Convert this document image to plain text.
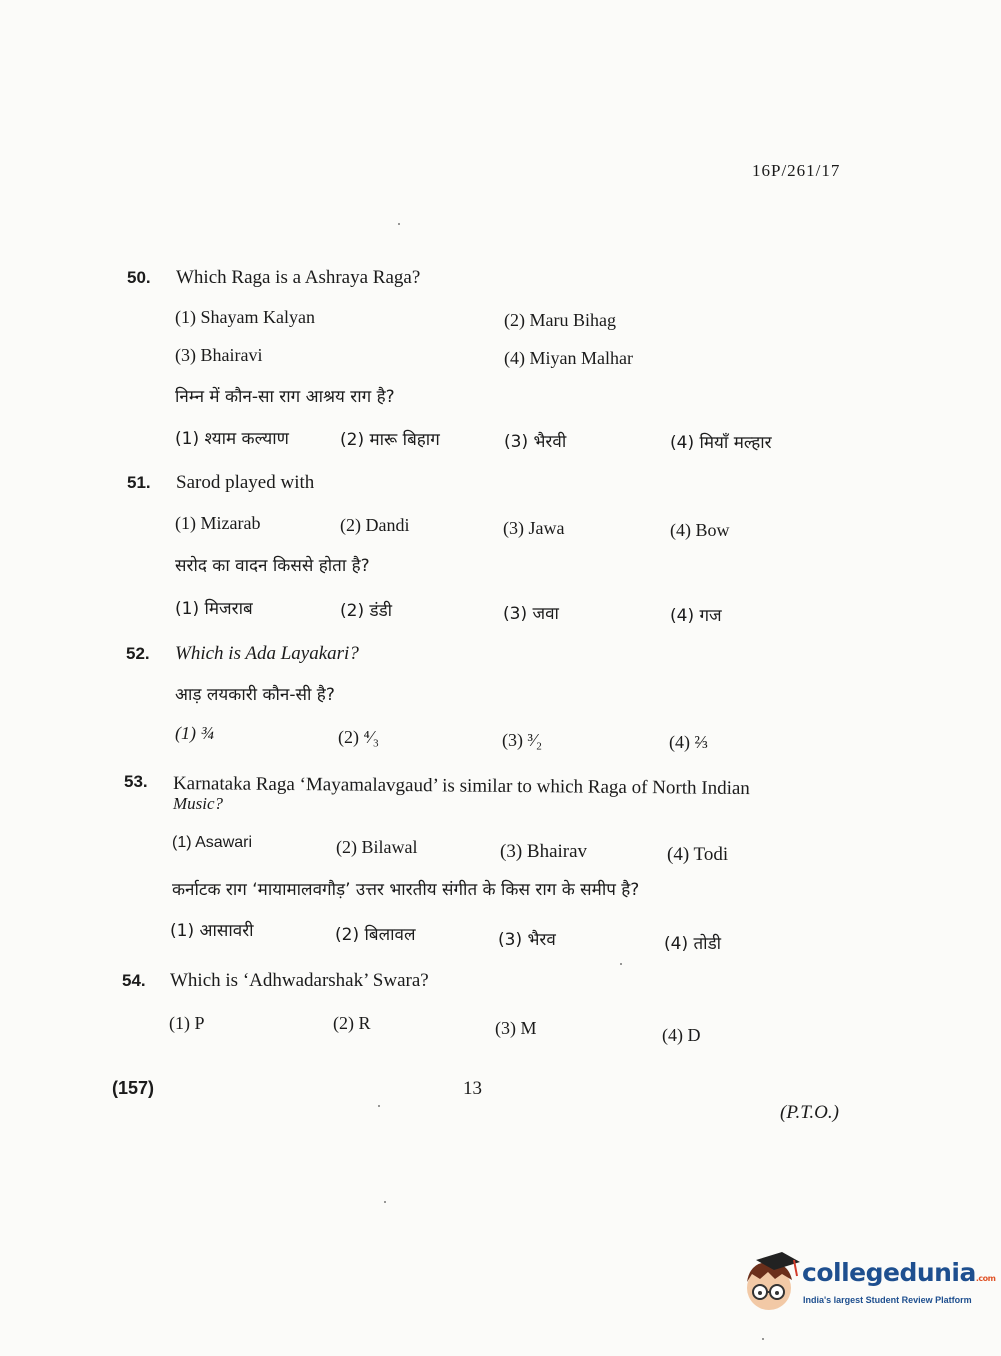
16P/261/17
50. Which Raga is a Ashraya Raga?
(1) Shayam Kalyan	(2) Maru Bihag
(3) Bhairavi	(4) Miyan Malhar
निम्न में कौन-सा राग आश्रय राग है?
(1) श्याम कल्याण	(2) मारू बिहाग	(3) भैरवी	(4) मियाँ मल्हार
51. Sarod played with
(1) Mizarab	(2) Dandi	(3) Jawa	(4) Bow
सरोद का वादन किससे होता है?
(1) मिजराब	(2) डंडी	(3) जवा	(4) गज
52. Which is Ada Layakari?
आड़ लयकारी कौन-सी है?
(1) ¾	(2) ⁴⁄₃	(3) ³⁄₂	(4) ⅔
53. Karnataka Raga ‘Mayamalavgaud’ is similar to which Raga of North Indian
Music?
(1) Asawari	(2) Bilawal	(3) Bhairav	(4) Todi
कर्नाटक राग ‘मायामालवगौड़’ उत्तर भारतीय संगीत के किस राग के समीप है?
(1) आसावरी	(2) बिलावल	(3) भैरव	(4) तोडी
54. Which is ‘Adhwadarshak’ Swara?
(1) P	(2) R	(3) M	(4) D
(157)	13
(P.T.O.)
collegedunia.com
India's largest Student Review Platform
